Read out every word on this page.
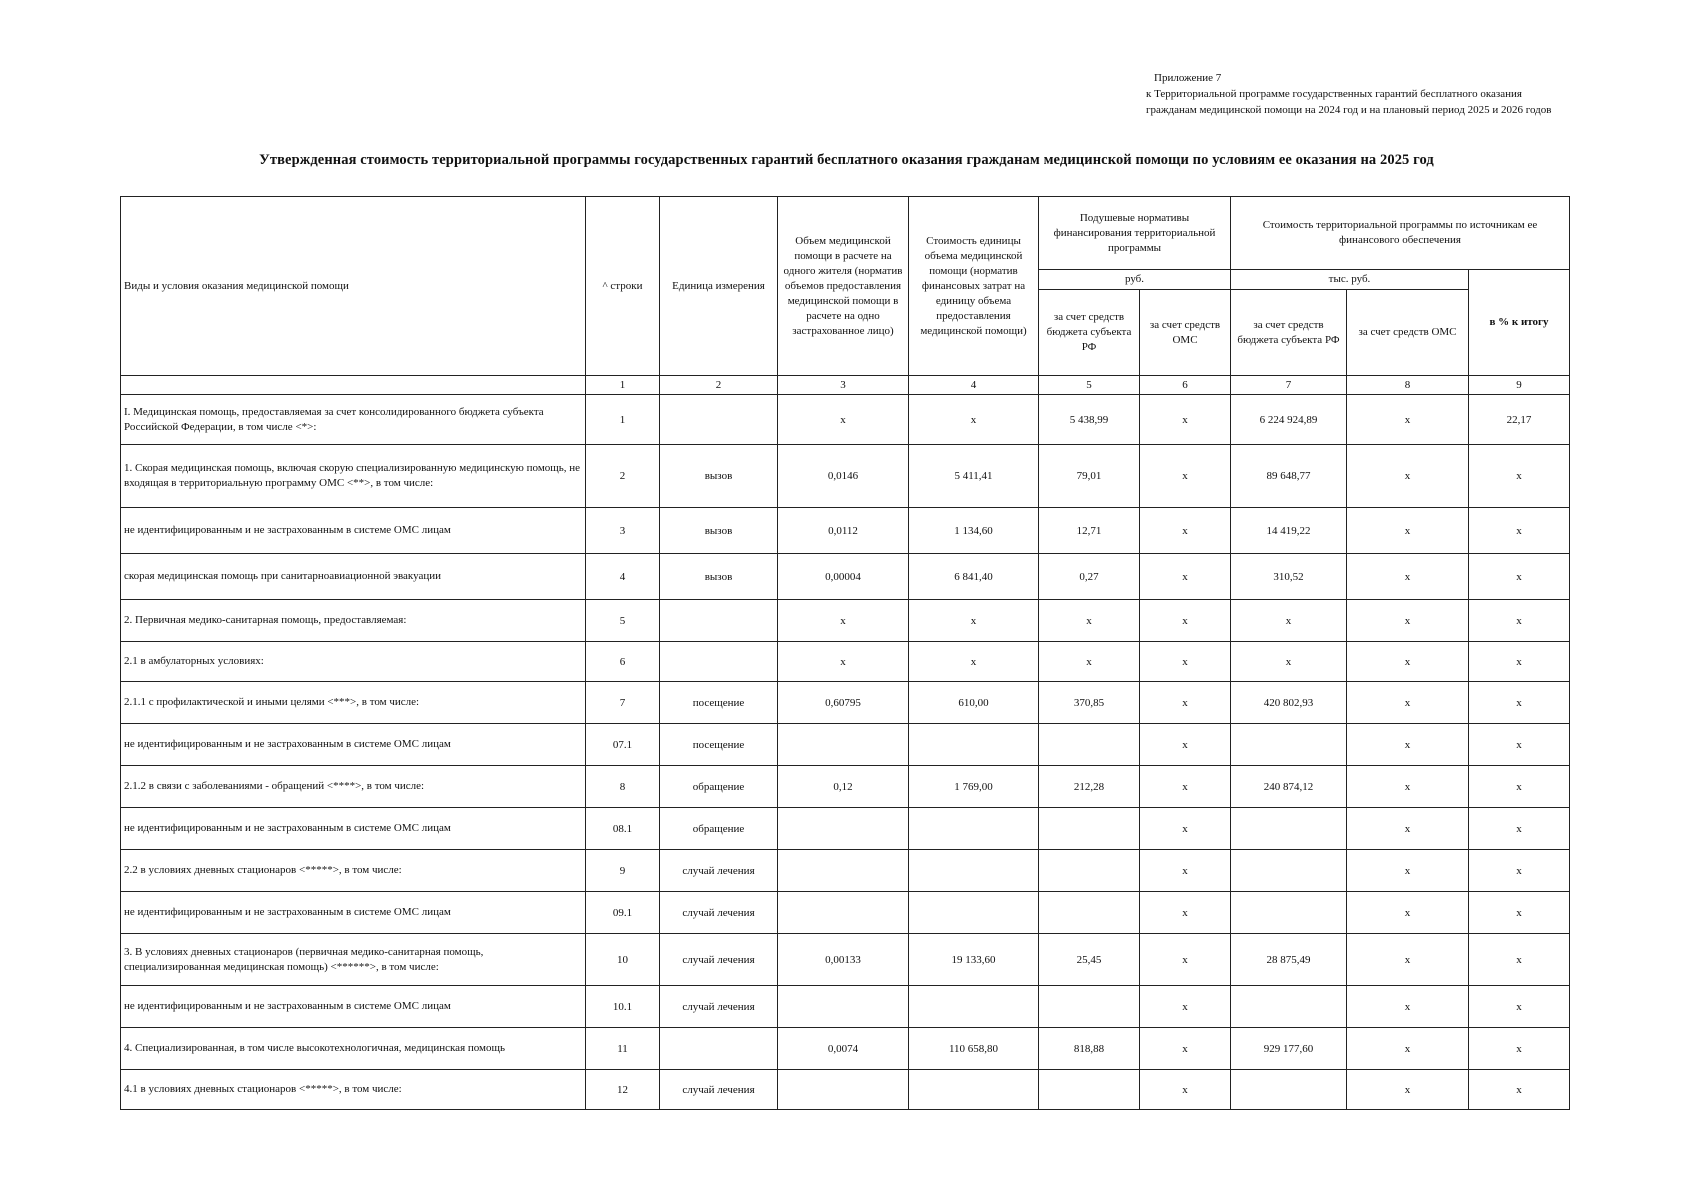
Приложение 7
к Территориальной программе государственных гарантий бесплатного оказания гражданам медицинской помощи на 2024 год и на плановый период 2025 и 2026 годов
Утвержденная стоимость территориальной программы государственных гарантий бесплатного оказания гражданам медицинской помощи по условиям ее оказания на 2025 год
Виды и условия оказания медицинской помощи	^ строки	Единица измерения	Объем медицинской помощи в расчете на одного жителя (норматив объемов предоставления медицинской помощи в расчете на одно застрахованное лицо)	Стоимость единицы объема медицинской помощи (норматив финансовых затрат на единицу объема предоставления медицинской помощи)	Подушевые нормативы финансирования территориальной программы		Стоимость территориальной программы по источникам ее финансового обеспечения		
					руб.		тыс. руб.		в % к итогу
					за счет средств бюджета субъекта РФ	за счет средств ОМС	за счет средств бюджета субъекта РФ	за счет средств ОМС	
	1	2	3	4	5	6	7	8	9
I. Медицинская помощь, предоставляемая за счет консолидированного бюджета субъекта Российской Федерации, в том числе <*>:	1		x	x	5 438,99	x	6 224 924,89	x	22,17
1. Скорая медицинская помощь, включая скорую специализированную медицинскую помощь, не входящая в территориальную программу ОМС <**>, в том числе:	2	вызов	0,0146	5 411,41	79,01	x	89 648,77	x	x
не идентифицированным и не застрахованным в системе ОМС лицам	3	вызов	0,0112	1 134,60	12,71	x	14 419,22	x	x
скорая медицинская помощь при санитарноавиационной эвакуации	4	вызов	0,00004	6 841,40	0,27	x	310,52	x	x
2. Первичная медико-санитарная помощь, предоставляемая:	5		x	x	x	x	x	x	x
2.1 в амбулаторных условиях:	6		x	x	x	x	x	x	x
2.1.1 с профилактической и иными целями <***>, в том числе:	7	посещение	0,60795	610,00	370,85	x	420 802,93	x	x
не идентифицированным и не застрахованным в системе ОМС лицам	07.1	посещение				x		x	x
2.1.2 в связи с заболеваниями - обращений <****>, в том числе:	8	обращение	0,12	1 769,00	212,28	x	240 874,12	x	x
не идентифицированным и не застрахованным в системе ОМС лицам	08.1	обращение				x		x	x
2.2 в условиях дневных стационаров <*****>, в том числе:	9	случай лечения				x		x	x
не идентифицированным и не застрахованным в системе ОМС лицам	09.1	случай лечения				x		x	x
3. В условиях дневных стационаров (первичная медико-санитарная помощь, специализированная медицинская помощь) <******>, в том числе:	10	случай лечения	0,00133	19 133,60	25,45	x	28 875,49	x	x
не идентифицированным и не застрахованным в системе ОМС лицам	10.1	случай лечения				x		x	x
4. Специализированная, в том числе высокотехнологичная, медицинская помощь	11		0,0074	110 658,80	818,88	x	929 177,60	x	x
4.1 в условиях дневных стационаров <*****>, в том числе:	12	случай лечения				x		x	x
